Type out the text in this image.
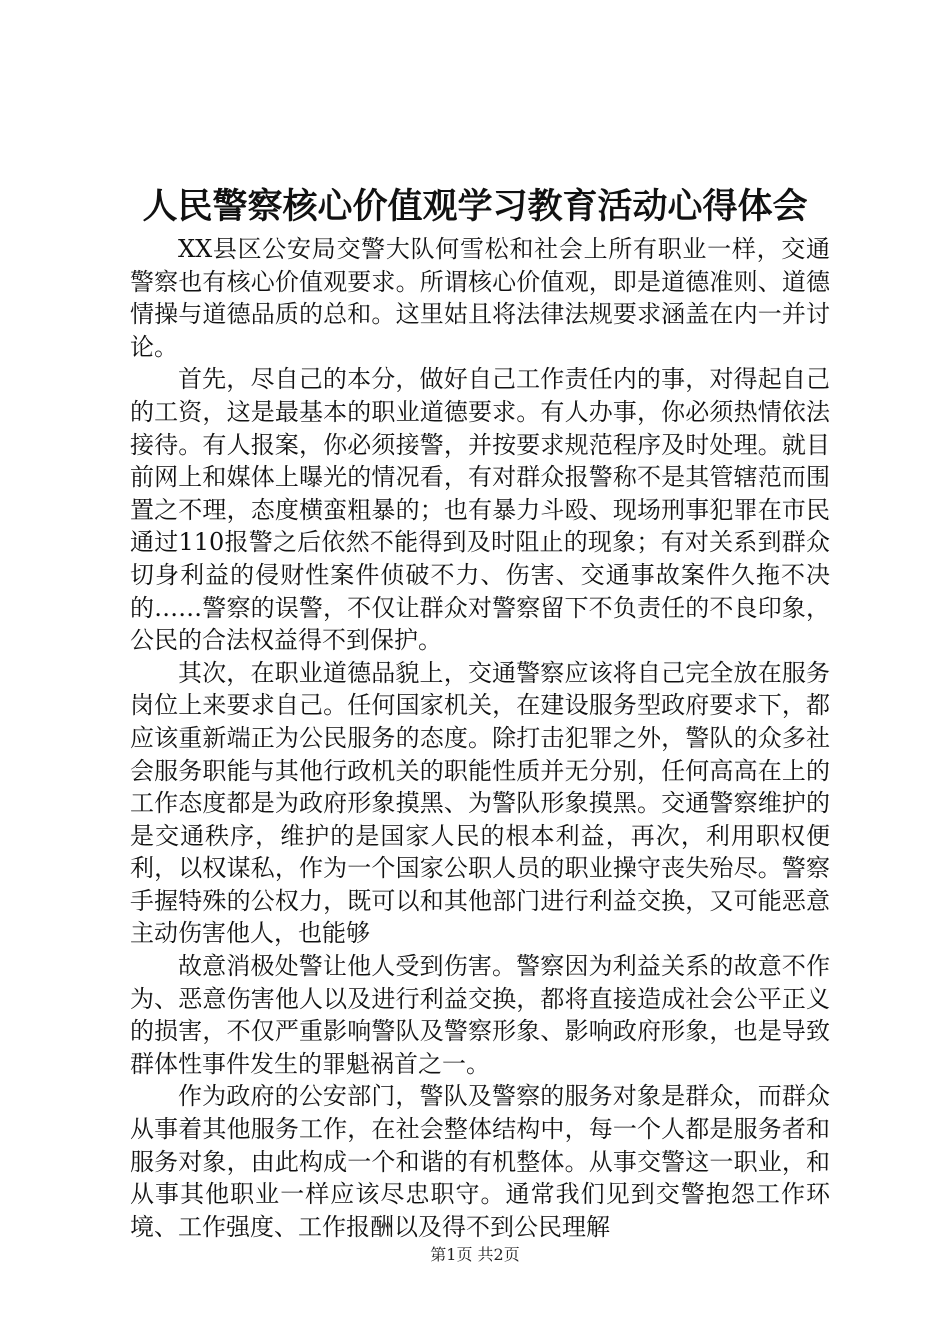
人民警察核心价值观学习教育活动心得体会

XX县区公安局交警大队何雪松和社会上所有职业一样，交通警察也有核心价值观要求。所谓核心价值观，即是道德准则、道德情操与道德品质的总和。这里姑且将法律法规要求涵盖在内一并讨论。

首先，尽自己的本分，做好自己工作责任内的事，对得起自己的工资，这是最基本的职业道德要求。有人办事，你必须热情依法接待。有人报案，你必须接警，并按要求规范程序及时处理。就目前网上和媒体上曝光的情况看，有对群众报警称不是其管辖范而围置之不理，态度横蛮粗暴的；也有暴力斗殴、现场刑事犯罪在市民通过110报警之后依然不能得到及时阻止的现象；有对关系到群众切身利益的侵财性案件侦破不力、伤害、交通事故案件久拖不决的……警察的误警，不仅让群众对警察留下不负责任的不良印象，公民的合法权益得不到保护。

其次，在职业道德品貌上，交通警察应该将自己完全放在服务岗位上来要求自己。任何国家机关，在建设服务型政府要求下，都应该重新端正为公民服务的态度。除打击犯罪之外，警队的众多社会服务职能与其他行政机关的职能性质并无分别，任何高高在上的工作态度都是为政府形象摸黑、为警队形象摸黑。交通警察维护的是交通秩序，维护的是国家人民的根本利益，再次，利用职权便利，以权谋私，作为一个国家公职人员的职业操守丧失殆尽。警察手握特殊的公权力，既可以和其他部门进行利益交换，又可能恶意主动伤害他人，也能够

故意消极处警让他人受到伤害。警察因为利益关系的故意不作为、恶意伤害他人以及进行利益交换，都将直接造成社会公平正义的损害，不仅严重影响警队及警察形象、影响政府形象，也是导致群体性事件发生的罪魁祸首之一。

作为政府的公安部门，警队及警察的服务对象是群众，而群众从事着其他服务工作，在社会整体结构中，每一个人都是服务者和服务对象，由此构成一个和谐的有机整体。从事交警这一职业，和从事其他职业一样应该尽忠职守。通常我们见到交警抱怨工作环境、工作强度、工作报酬以及得不到公民理解

第1页 共2页
